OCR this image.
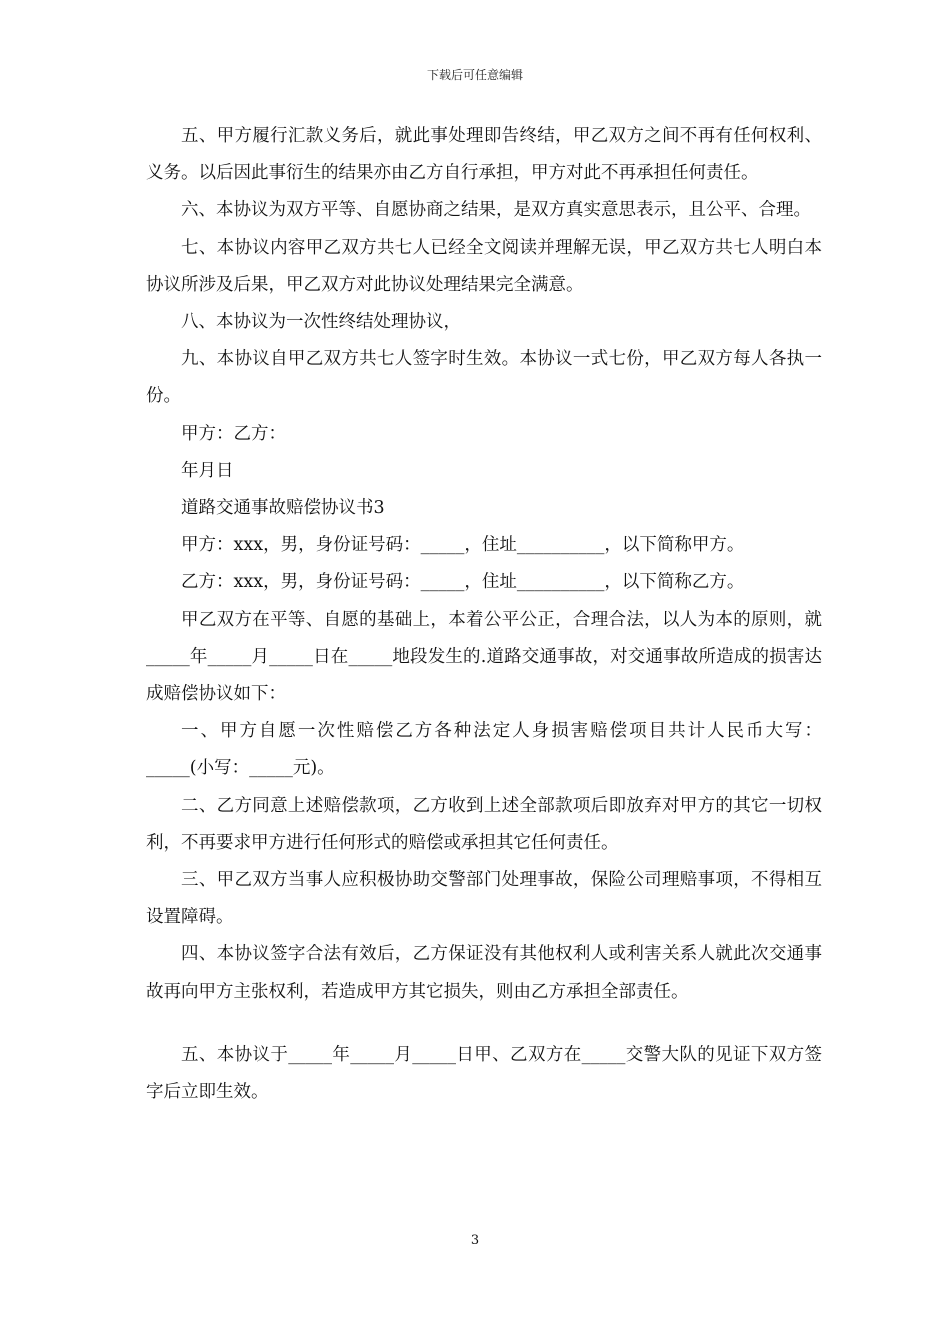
下载后可任意编辑

五、甲方履行汇款义务后，就此事处理即告终结，甲乙双方之间不再有任何权利、义务。以后因此事衍生的结果亦由乙方自行承担，甲方对此不再承担任何责任。

六、本协议为双方平等、自愿协商之结果，是双方真实意思表示，且公平、合理。

七、本协议内容甲乙双方共七人已经全文阅读并理解无误，甲乙双方共七人明白本协议所涉及后果，甲乙双方对此协议处理结果完全满意。

八、本协议为一次性终结处理协议，

九、本协议自甲乙双方共七人签字时生效。本协议一式七份，甲乙双方每人各执一份。

甲方：乙方：

年月日

道路交通事故赔偿协议书3

甲方：xxx，男，身份证号码：_____，住址__________，以下简称甲方。

乙方：xxx，男，身份证号码：_____，住址__________，以下简称乙方。

甲乙双方在平等、自愿的基础上，本着公平公正，合理合法，以人为本的原则，就_____年_____月_____日在_____地段发生的.道路交通事故，对交通事故所造成的损害达成赔偿协议如下：

一、甲方自愿一次性赔偿乙方各种法定人身损害赔偿项目共计人民币大写：_____(小写：_____元)。

二、乙方同意上述赔偿款项，乙方收到上述全部款项后即放弃对甲方的其它一切权利，不再要求甲方进行任何形式的赔偿或承担其它任何责任。

三、甲乙双方当事人应积极协助交警部门处理事故，保险公司理赔事项，不得相互设置障碍。

四、本协议签字合法有效后，乙方保证没有其他权利人或利害关系人就此次交通事故再向甲方主张权利，若造成甲方其它损失，则由乙方承担全部责任。

五、本协议于_____年_____月_____日甲、乙双方在_____交警大队的见证下双方签字后立即生效。

3
